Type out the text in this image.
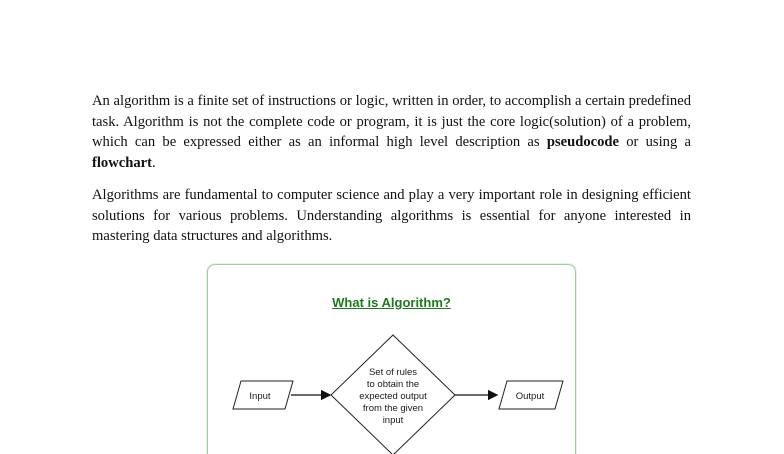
An algorithm is a finite set of instructions or logic, written in order, to accomplish a certain predefined task. Algorithm is not the complete code or program, it is just the core logic(solution) of a problem, which can be expressed either as an informal high level description as pseudocode or using a flowchart.

Algorithms are fundamental to computer science and play a very important role in designing efficient solutions for various problems. Understanding algorithms is essential for anyone interested in mastering data structures and algorithms.

What is Algorithm?
Input
Set of rules
to obtain the
expected output
from the given
input
Output
